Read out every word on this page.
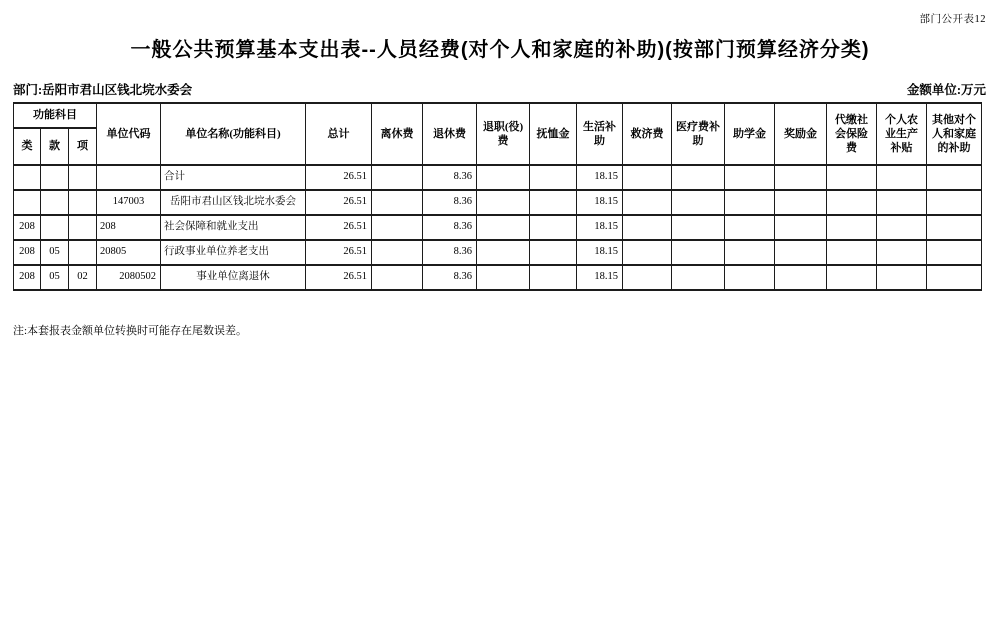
部门公开表12
一般公共预算基本支出表--人员经费(对个人和家庭的补助)(按部门预算经济分类)
部门:岳阳市君山区钱北垸水委会	金额单位:万元
功能科目			单位代码	单位名称(功能科目)	总计	离休费	退休费	退职(役)费	抚恤金	生活补助	救济费	医疗费补助	助学金	奖励金	代缴社会保险费	个人农业生产补贴	其他对个人和家庭的补助
类	款	项															
				合计	26.51		8.36			18.15							
			147003	岳阳市君山区钱北垸水委会	26.51		8.36			18.15							
208			208	社会保障和就业支出	26.51		8.36			18.15							
208	05		20805	行政事业单位养老支出	26.51		8.36			18.15							
208	05	02	2080502	事业单位离退休	26.51		8.36			18.15							
注:本套报表金额单位转换时可能存在尾数误差。
